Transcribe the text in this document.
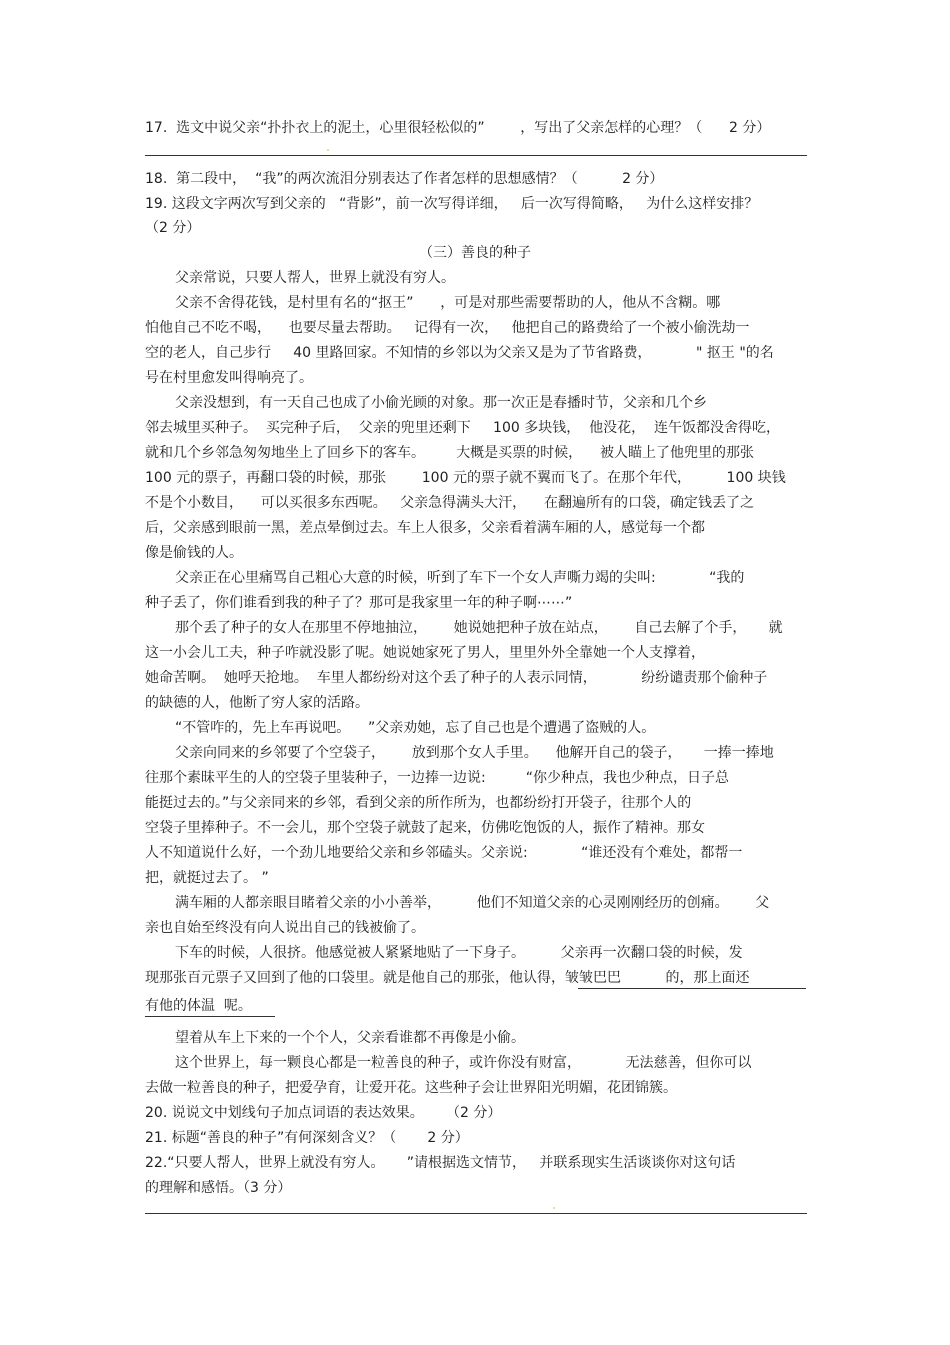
17.  选文中说父亲“扑扑衣上的泥土，心里很轻松似的”        ，写出了父亲怎样的心理？（      2 分）
18.  第二段中，  “我”的两次流泪分别表达了作者怎样的思想感情？（          2 分）
19. 这段文字两次写到父亲的   “背影”，前一次写得详细，   后一次写得简略，   为什么这样安排？
（2 分）
（三）善良的种子
父亲常说，只要人帮人，世界上就没有穷人。
父亲不舍得花钱，是村里有名的“抠王”      ，可是对那些需要帮助的人，他从不含糊。哪
怕他自己不吃不喝，    也要尽量去帮助。   记得有一次，   他把自己的路费给了一个被小偷洗劫一
空的老人，自己步行     40 里路回家。不知情的乡邻以为父亲又是为了节省路费，          " 抠王 "的名
号在村里愈发叫得响亮了。
父亲没想到，有一天自己也成了小偷光顾的对象。那一次正是春播时节，父亲和几个乡
邻去城里买种子。  买完种子后，  父亲的兜里还剩下     100 多块钱，  他没花，  连午饭都没舍得吃，
就和几个乡邻急匆匆地坐上了回乡下的客车。       大概是买票的时候，    被人瞄上了他兜里的那张
100 元的票子，再翻口袋的时候，那张        100 元的票子就不翼而飞了。在那个年代，        100 块钱
不是个小数目，    可以买很多东西呢。   父亲急得满头大汗，    在翻遍所有的口袋，确定钱丢了之
后，父亲感到眼前一黑，差点晕倒过去。车上人很多，父亲看着满车厢的人，感觉每一个都
像是偷钱的人。
父亲正在心里痛骂自己粗心大意的时候，听到了车下一个女人声嘶力竭的尖叫:            “我的
种子丢了，你们谁看到我的种子了？那可是我家里一年的种子啊⋯⋯”
那个丢了种子的女人在那里不停地抽泣，      她说她把种子放在站点，      自己去解了个手，     就
这一小会儿工夫，种子咋就没影了呢。她说她家死了男人，里里外外全靠她一个人支撑着，
她命苦啊。  她呼天抢地。  车里人都纷纷对这个丢了种子的人表示同情，          纷纷谴责那个偷种子
的缺德的人，他断了穷人家的活路。
“不管咋的，先上车再说吧。    ”父亲劝她，忘了自己也是个遭遇了盗贼的人。
父亲向同来的乡邻要了个空袋子，      放到那个女人手里。    他解开自己的袋子，     一捧一捧地
往那个素昧平生的人的空袋子里装种子，一边捧一边说:         “你少种点，我也少种点，日子总
能挺过去的。”与父亲同来的乡邻，看到父亲的所作所为，也都纷纷打开袋子，往那个人的
空袋子里捧种子。不一会儿，那个空袋子就鼓了起来，仿佛吃饱饭的人，振作了精神。那女
人不知道说什么好，一个劲儿地要给父亲和乡邻磕头。父亲说:            “谁还没有个难处，都帮一
把，就挺过去了。 ”
满车厢的人都亲眼目睹着父亲的小小善举，        他们不知道父亲的心灵刚刚经历的创痛。      父
亲也自始至终没有向人说出自己的钱被偷了。
下车的时候，人很挤。他感觉被人紧紧地贴了一下身子。        父亲再一次翻口袋的时候，发
现那张百元票子又回到了他的口袋里。就是他自己的那张，他认得，皱皱巴巴          的，那上面还
有他的体温  呢。
望着从车上下来的一个个人，父亲看谁都不再像是小偷。
这个世界上，每一颗良心都是一粒善良的种子，或许你没有财富，          无法慈善，但你可以
去做一粒善良的种子，把爱孕育，让爱开花。这些种子会让世界阳光明媚，花团锦簇。
20. 说说文中划线句子加点词语的表达效果。     （2 分）
21. 标题“善良的种子”有何深刻含义？（       2 分）
22.“只要人帮人，世界上就没有穷人。     ”请根据选文情节，   并联系现实生活谈谈你对这句话
的理解和感悟。（3 分）
